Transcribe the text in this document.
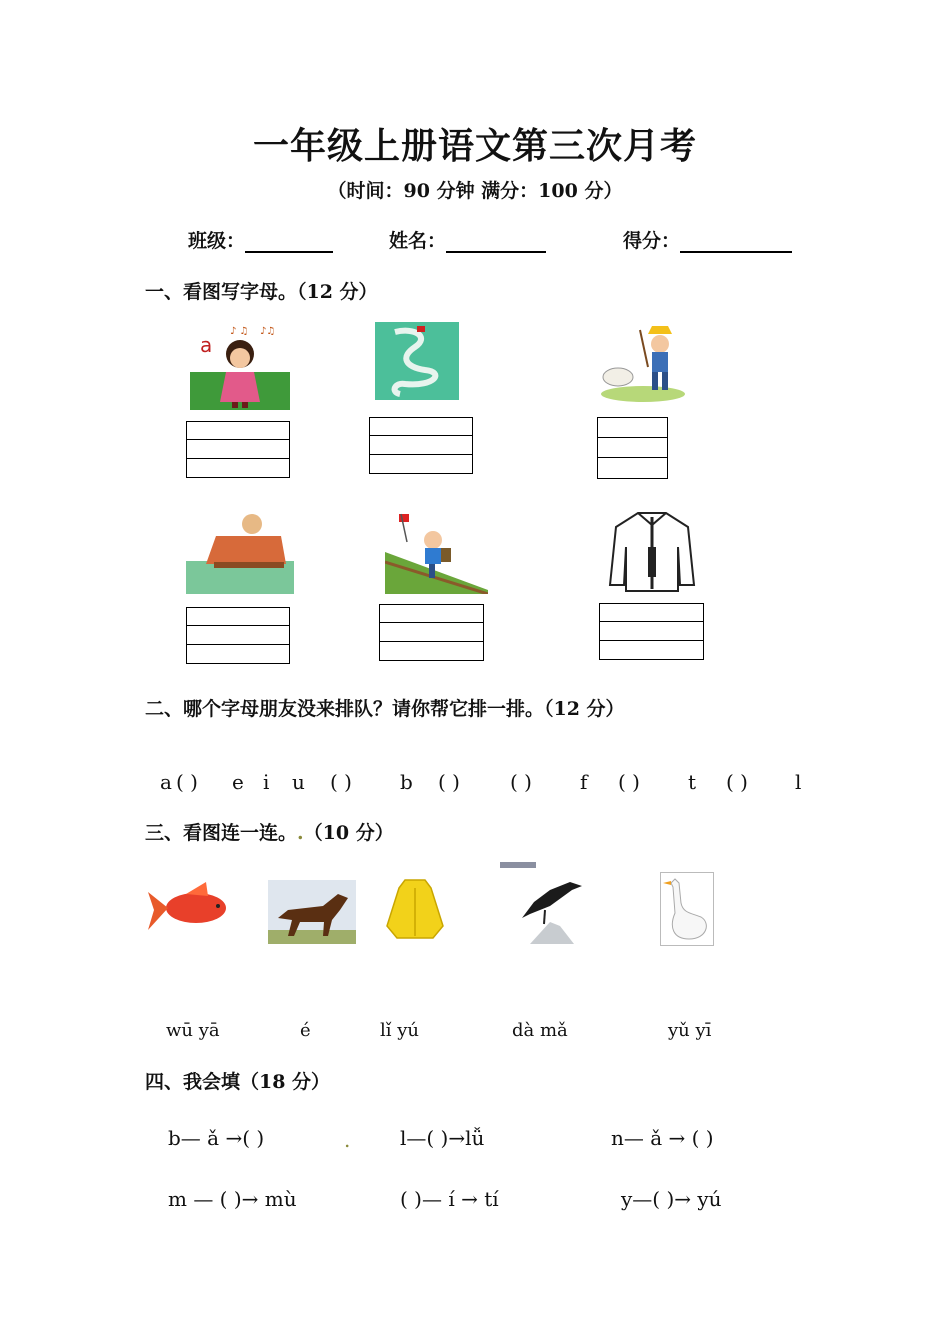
一年级上册语文第三次月考
（时间：90 分钟 满分：100 分）
班级：	姓名：	得分：
一、看图写字母。（12 分）
a
♪ ♫ ♪♫
二、哪个字母朋友没来排队？请你帮它排一排。（12 分）
a ( ) e i u ( ) b ( )	( ) f ( ) t ( ) l
三、看图连一连。.（10 分）
wū yā	é	lǐ yú	dà mǎ	yǔ yī
四、我会填（18 分）
b— ǎ →( )	. l—( )→lǚ	n— ǎ → ( )
m — ( )→ mù	( )— í → tí	y—( )→ yú
